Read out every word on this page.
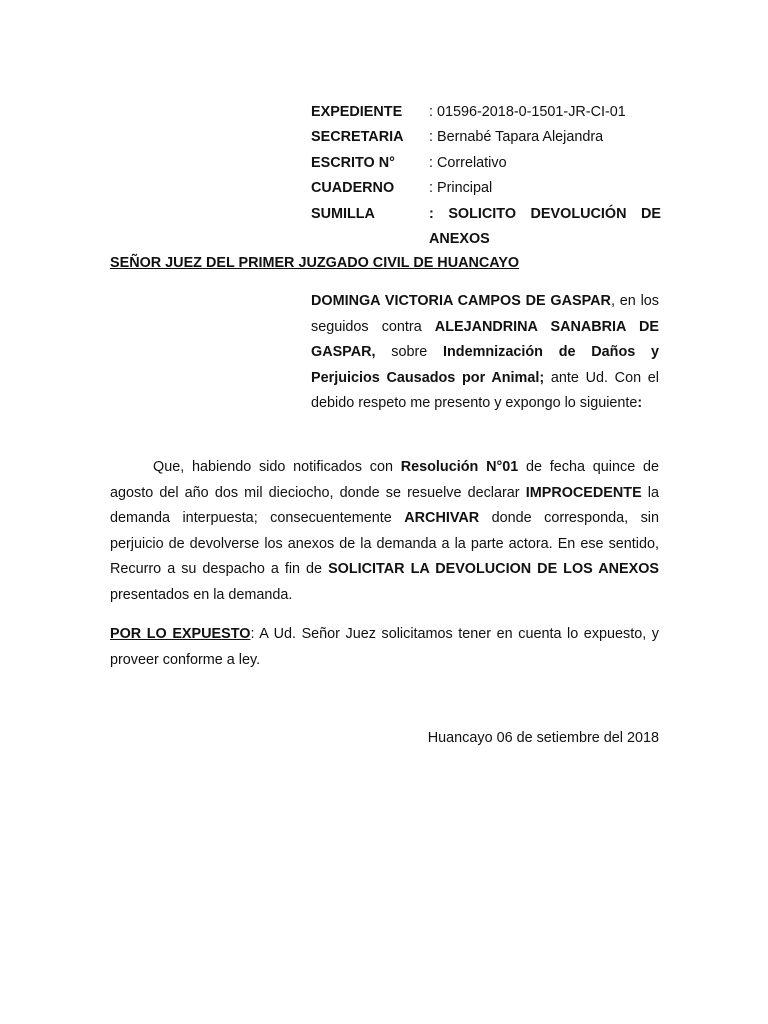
EXPEDIENTE	: 01596-2018-0-1501-JR-CI-01
SECRETARIA	: Bernabé Tapara Alejandra
ESCRITO N°	: Correlativo
CUADERNO	: Principal
SUMILLA	: SOLICITO DEVOLUCIÓN DE
ANEXOS
SEÑOR JUEZ DEL PRIMER JUZGADO CIVIL DE HUANCAYO
DOMINGA VICTORIA CAMPOS DE GASPAR, en los seguidos contra ALEJANDRINA SANABRIA DE GASPAR, sobre Indemnización de Daños y Perjuicios Causados por Animal; ante Ud. Con el debido respeto me presento y expongo lo siguiente:
Que, habiendo sido notificados con Resolución N°01 de fecha quince de agosto del año dos mil dieciocho, donde se resuelve declarar IMPROCEDENTE la demanda interpuesta; consecuentemente ARCHIVAR donde corresponda, sin perjuicio de devolverse los anexos de la demanda a la parte actora. En ese sentido, Recurro a su despacho a fin de SOLICITAR LA DEVOLUCION DE LOS ANEXOS presentados en la demanda.
POR LO EXPUESTO: A Ud. Señor Juez solicitamos tener en cuenta lo expuesto, y proveer conforme a ley.
Huancayo 06 de setiembre del 2018
